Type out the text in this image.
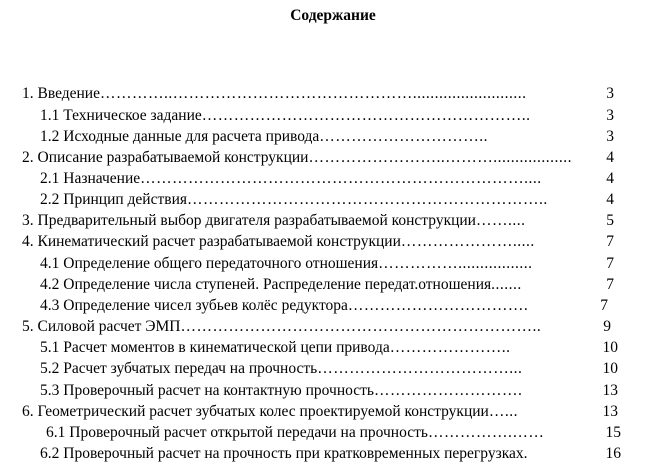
Содержание
1. Введение …………..………………………………………..........................	3
1.1 Техническое задание ……………………………………………………..	3
1.2 Исходные данные для расчета привода …………………………..	3
2. Описание разрабатываемой конструкции ……………………..………..................	4
2.1 Назначение ………………………………………………………………....	4
2.2 Принцип действия …………………………………………………………..	4
3. Предварительный выбор двигателя разрабатываемой конструкции ……....	5
4. Кинематический расчет разрабатываемой конструкции ………………….....	7
4.1 Определение общего передаточного отношения …………….................	7
4.2 Определение числа ступеней. Распределение передат.отношения .......	7
4.3 Определение чисел зубьев колёс редуктора …………………………….	7
5. Силовой расчет ЭМП …………………………………………………………..	9
5.1 Расчет моментов в кинематической цепи привода …………………..	10
5.2 Расчет зубчатых передач на прочность ………………………………...	10
5.3 Проверочный расчет на контактную прочность ……………………….	13
6. Геометрический расчет зубчатых колес проектируемой конструкции …...	13
6.1 Проверочный расчет открытой передачи на прочность …………….……	15
6.2 Проверочный расчет на прочность при кратковременных перегрузках.	16
